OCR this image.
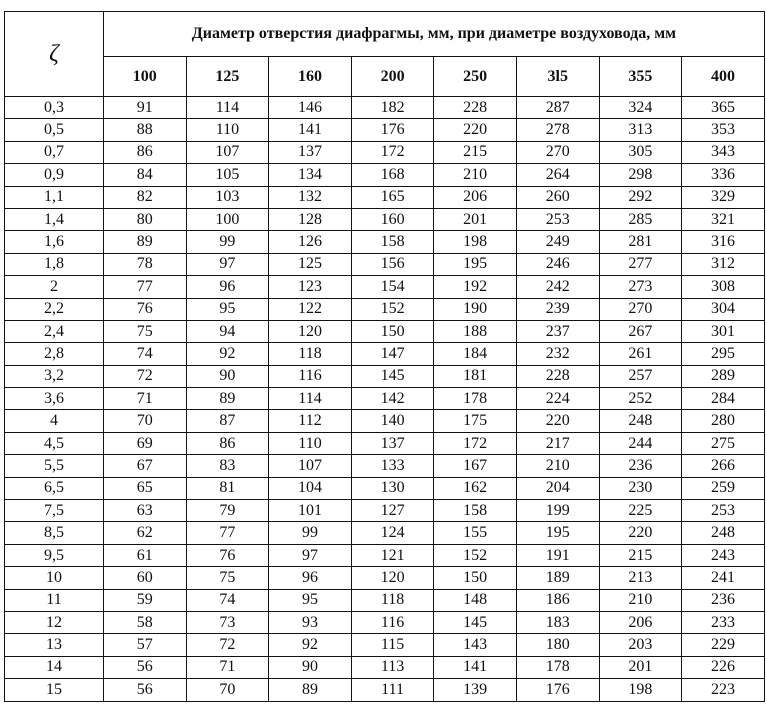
ζ	Диаметр отверстия диафрагмы, мм, при диаметре воздуховода, мм							
	100	125	160	200	250	3l5	355	400
0,3	91	114	146	182	228	287	324	365
0,5	88	110	141	176	220	278	313	353
0,7	86	107	137	172	215	270	305	343
0,9	84	105	134	168	210	264	298	336
1,1	82	103	132	165	206	260	292	329
1,4	80	100	128	160	201	253	285	321
1,6	89	99	126	158	198	249	281	316
1,8	78	97	125	156	195	246	277	312
2	77	96	123	154	192	242	273	308
2,2	76	95	122	152	190	239	270	304
2,4	75	94	120	150	188	237	267	301
2,8	74	92	118	147	184	232	261	295
3,2	72	90	116	145	181	228	257	289
3,6	71	89	114	142	178	224	252	284
4	70	87	112	140	175	220	248	280
4,5	69	86	110	137	172	217	244	275
5,5	67	83	107	133	167	210	236	266
6,5	65	81	104	130	162	204	230	259
7,5	63	79	101	127	158	199	225	253
8,5	62	77	99	124	155	195	220	248
9,5	61	76	97	121	152	191	215	243
10	60	75	96	120	150	189	213	241
11	59	74	95	118	148	186	210	236
12	58	73	93	116	145	183	206	233
13	57	72	92	115	143	180	203	229
14	56	71	90	113	141	178	201	226
15	56	70	89	111	139	176	198	223
